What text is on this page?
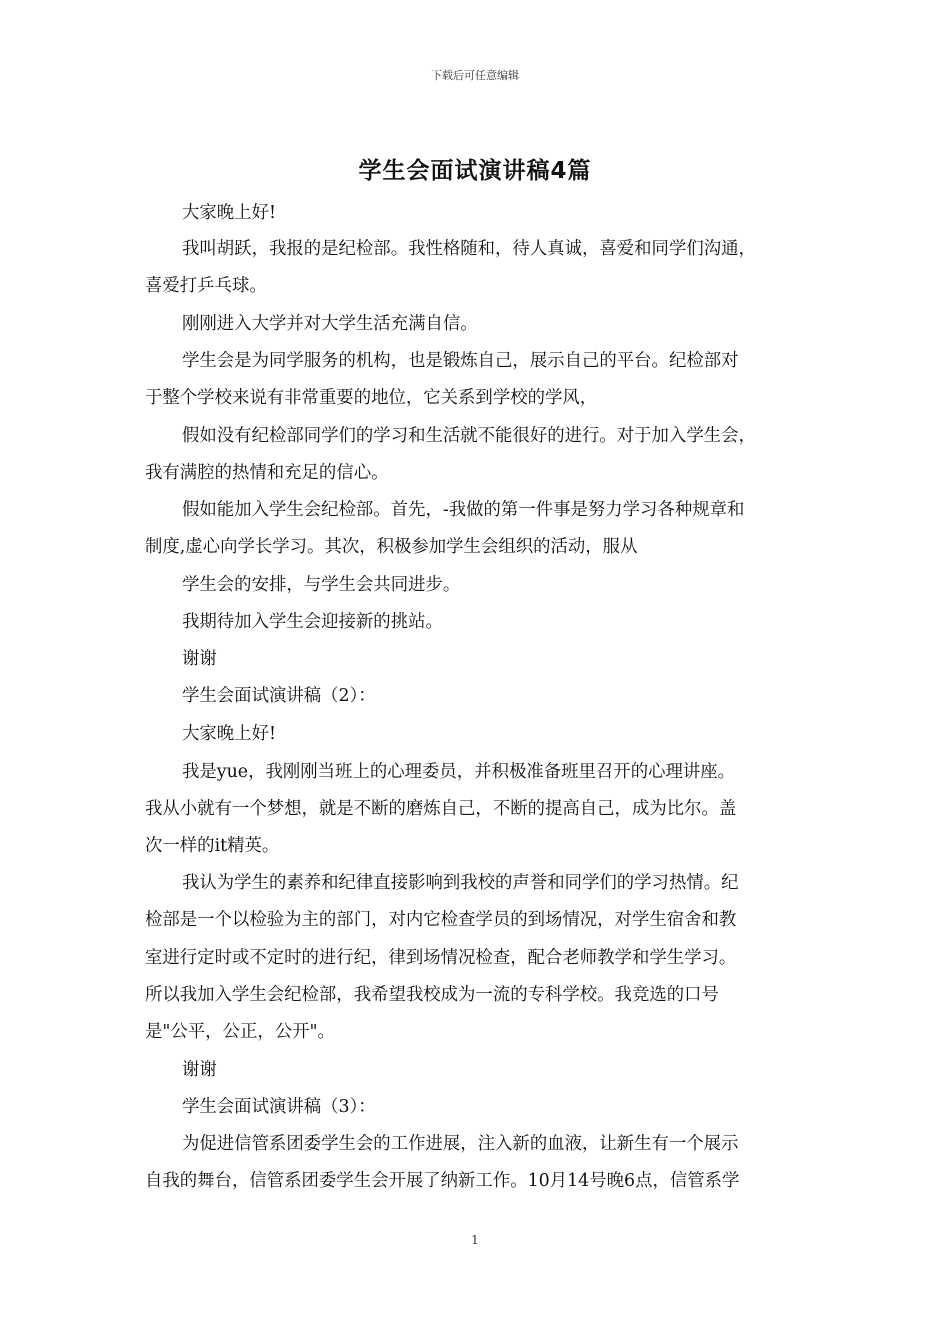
下载后可任意编辑
学生会面试演讲稿4篇
大家晚上好!
我叫胡跃，我报的是纪检部。我性格随和，待人真诚，喜爱和同学们沟通，
喜爱打乒乓球。
刚刚进入大学并对大学生活充满自信。
学生会是为同学服务的机构，也是锻炼自己，展示自己的平台。纪检部对
于整个学校来说有非常重要的地位，它关系到学校的学风，
假如没有纪检部同学们的学习和生活就不能很好的进行。对于加入学生会，
我有满腔的热情和充足的信心。
假如能加入学生会纪检部。首先，-我做的第一件事是努力学习各种规章和
制度,虚心向学长学习。其次，积极参加学生会组织的活动，服从
学生会的安排，与学生会共同进步。
我期待加入学生会迎接新的挑站。
谢谢
学生会面试演讲稿（2）：
大家晚上好!
我是yue，我刚刚当班上的心理委员，并积极准备班里召开的心理讲座。
我从小就有一个梦想，就是不断的磨炼自己，不断的提高自己，成为比尔。盖
次一样的it精英。
我认为学生的素养和纪律直接影响到我校的声誉和同学们的学习热情。纪
检部是一个以检验为主的部门，对内它检查学员的到场情况，对学生宿舍和教
室进行定时或不定时的进行纪，律到场情况检查，配合老师教学和学生学习。
所以我加入学生会纪检部，我希望我校成为一流的专科学校。我竞选的口号
是"公平，公正，公开"。
谢谢
学生会面试演讲稿（3）：
为促进信管系团委学生会的工作进展，注入新的血液，让新生有一个展示
自我的舞台，信管系团委学生会开展了纳新工作。10月14号晚6点，信管系学
1
